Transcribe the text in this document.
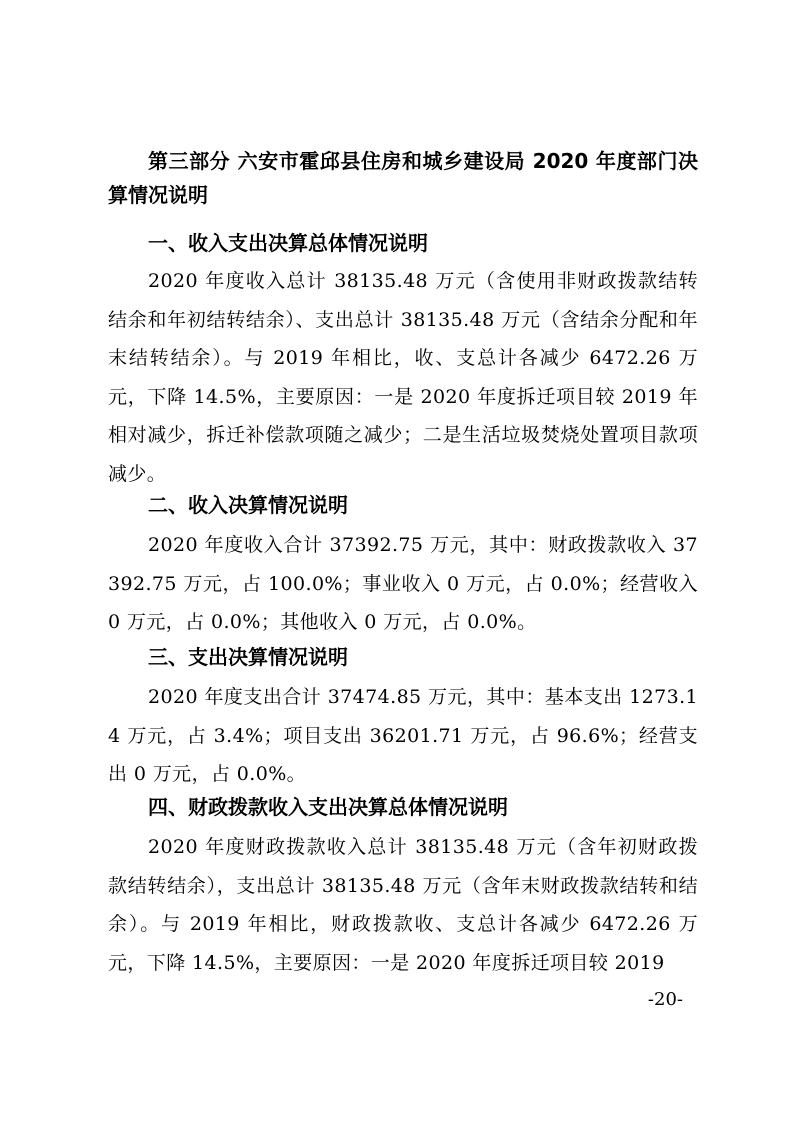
第三部分 六安市霍邱县住房和城乡建设局 2020 年度部门决算情况说明

一、收入支出决算总体情况说明

2020 年度收入总计 38135.48 万元（含使用非财政拨款结转结余和年初结转结余）、支出总计 38135.48 万元（含结余分配和年末结转结余）。与 2019 年相比，收、支总计各减少 6472.26 万元，下降 14.5%，主要原因：一是 2020 年度拆迁项目较 2019 年相对减少，拆迁补偿款项随之减少；二是生活垃圾焚烧处置项目款项减少。

二、收入决算情况说明

2020 年度收入合计 37392.75 万元，其中：财政拨款收入 37392.75 万元，占 100.0%；事业收入 0 万元，占 0.0%；经营收入 0 万元，占 0.0%；其他收入 0 万元，占 0.0%。

三、支出决算情况说明

2020 年度支出合计 37474.85 万元，其中：基本支出 1273.14 万元，占 3.4%；项目支出 36201.71 万元，占 96.6%；经营支出 0 万元，占 0.0%。

四、财政拨款收入支出决算总体情况说明

2020 年度财政拨款收入总计 38135.48 万元（含年初财政拨款结转结余），支出总计 38135.48 万元（含年末财政拨款结转和结余）。与 2019 年相比，财政拨款收、支总计各减少 6472.26 万元，下降 14.5%，主要原因：一是 2020 年度拆迁项目较 2019

-20-
